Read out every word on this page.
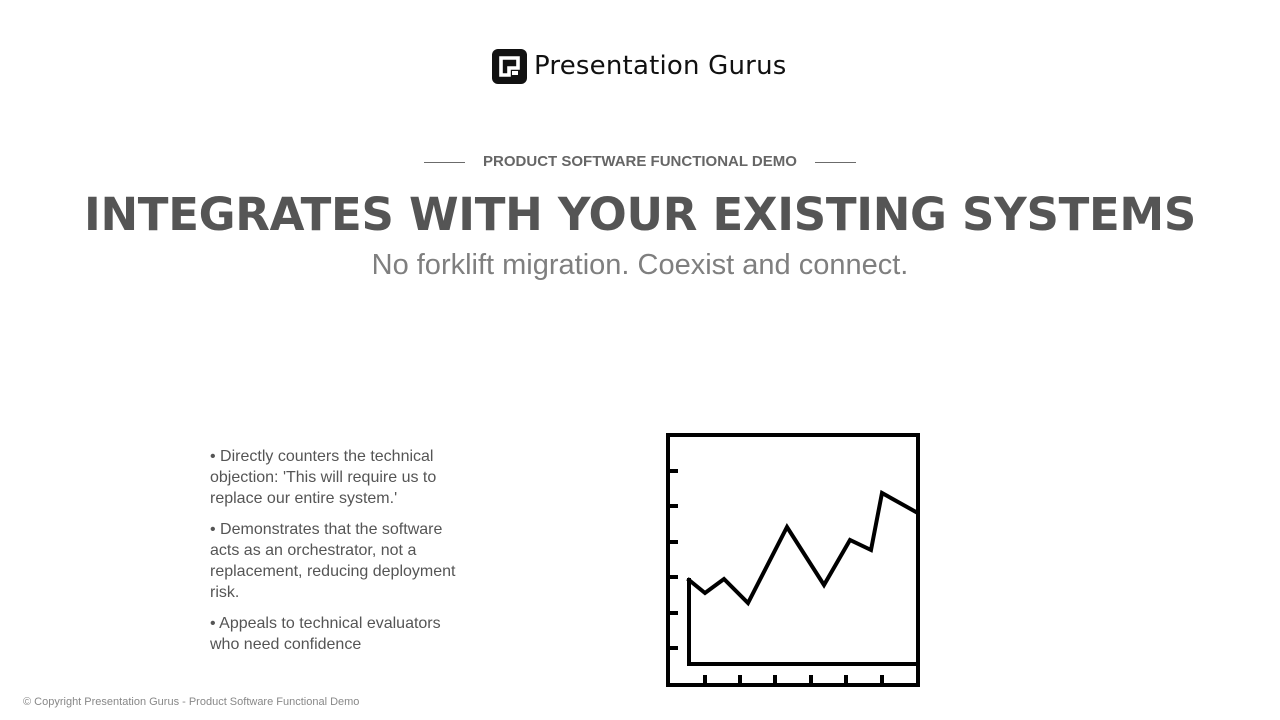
Presentation Gurus
PRODUCT SOFTWARE FUNCTIONAL DEMO
INTEGRATES WITH YOUR EXISTING SYSTEMS
No forklift migration. Coexist and connect.
• Directly counters the technical objection: 'This will require us to replace our entire system.'
• Demonstrates that the software acts as an orchestrator, not a replacement, reducing deployment risk.
• Appeals to technical evaluators who need confidence
© Copyright Presentation Gurus - Product Software Functional Demo
